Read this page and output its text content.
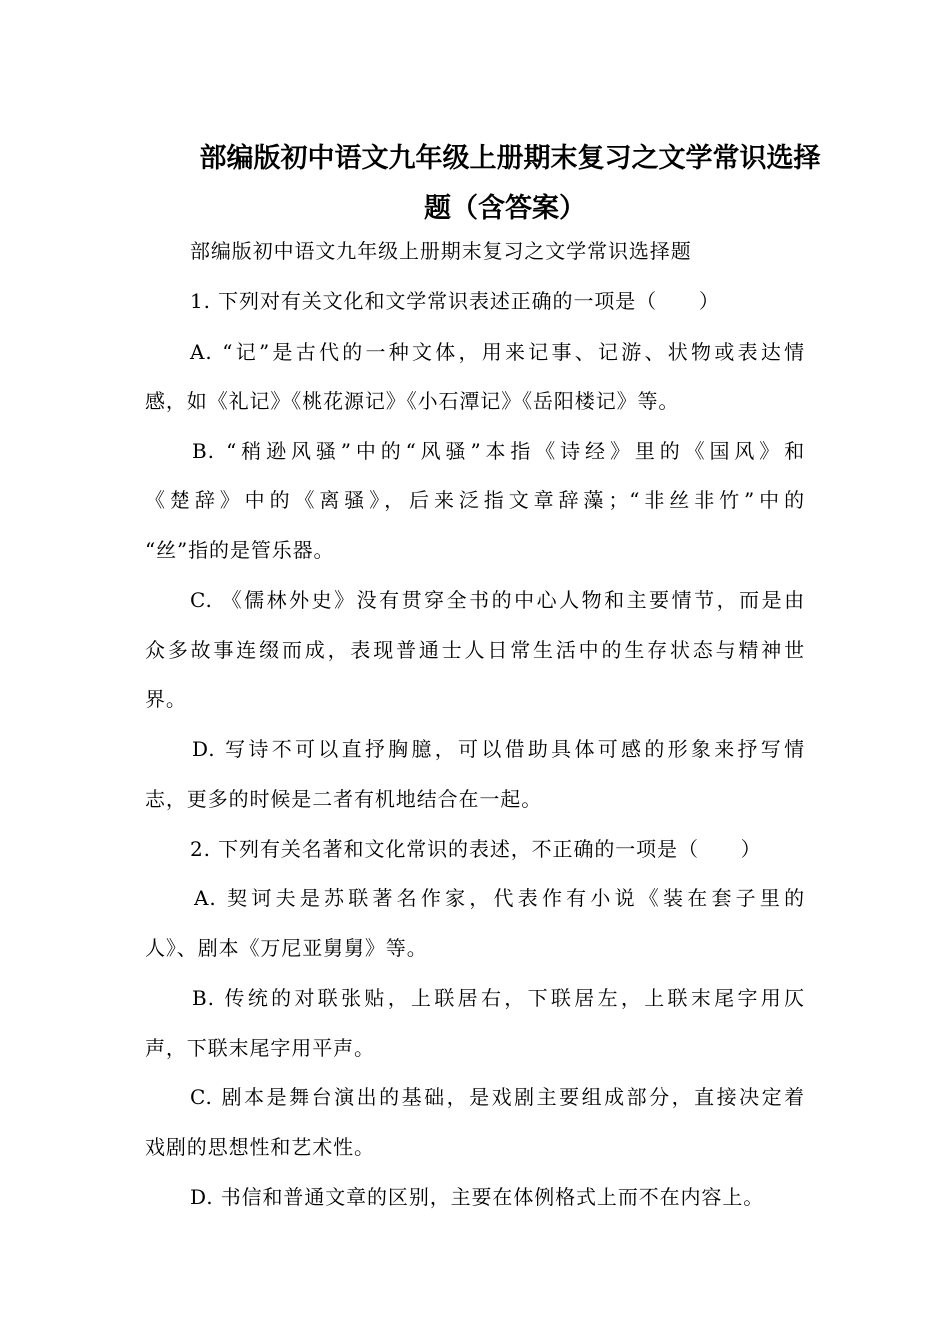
部编版初中语文九年级上册期末复习之文学常识选择
题（含答案）
部编版初中语文九年级上册期末复习之文学常识选择题
1. 下列对有关文化和文学常识表述正确的一项是（　　）
A. “记”是古代的一种文体，用来记事、记游、状物或表达情
感，如《礼记》《桃花源记》《小石潭记》《岳阳楼记》等。
B. “稍逊风骚”中的“风骚”本指《诗经》里的《国风》和
《楚辞》中的《离骚》，后来泛指文章辞藻；“非丝非竹”中的
“丝”指的是管乐器。
C. 《儒林外史》没有贯穿全书的中心人物和主要情节，而是由
众多故事连缀而成，表现普通士人日常生活中的生存状态与精神世
界。
D. 写诗不可以直抒胸臆，可以借助具体可感的形象来抒写情
志，更多的时候是二者有机地结合在一起。
2. 下列有关名著和文化常识的表述，不正确的一项是（　　）
A. 契诃夫是苏联著名作家，代表作有小说《装在套子里的
人》、剧本《万尼亚舅舅》等。
B. 传统的对联张贴，上联居右，下联居左，上联末尾字用仄
声，下联末尾字用平声。
C. 剧本是舞台演出的基础，是戏剧主要组成部分，直接决定着
戏剧的思想性和艺术性。
D. 书信和普通文章的区别，主要在体例格式上而不在内容上。
